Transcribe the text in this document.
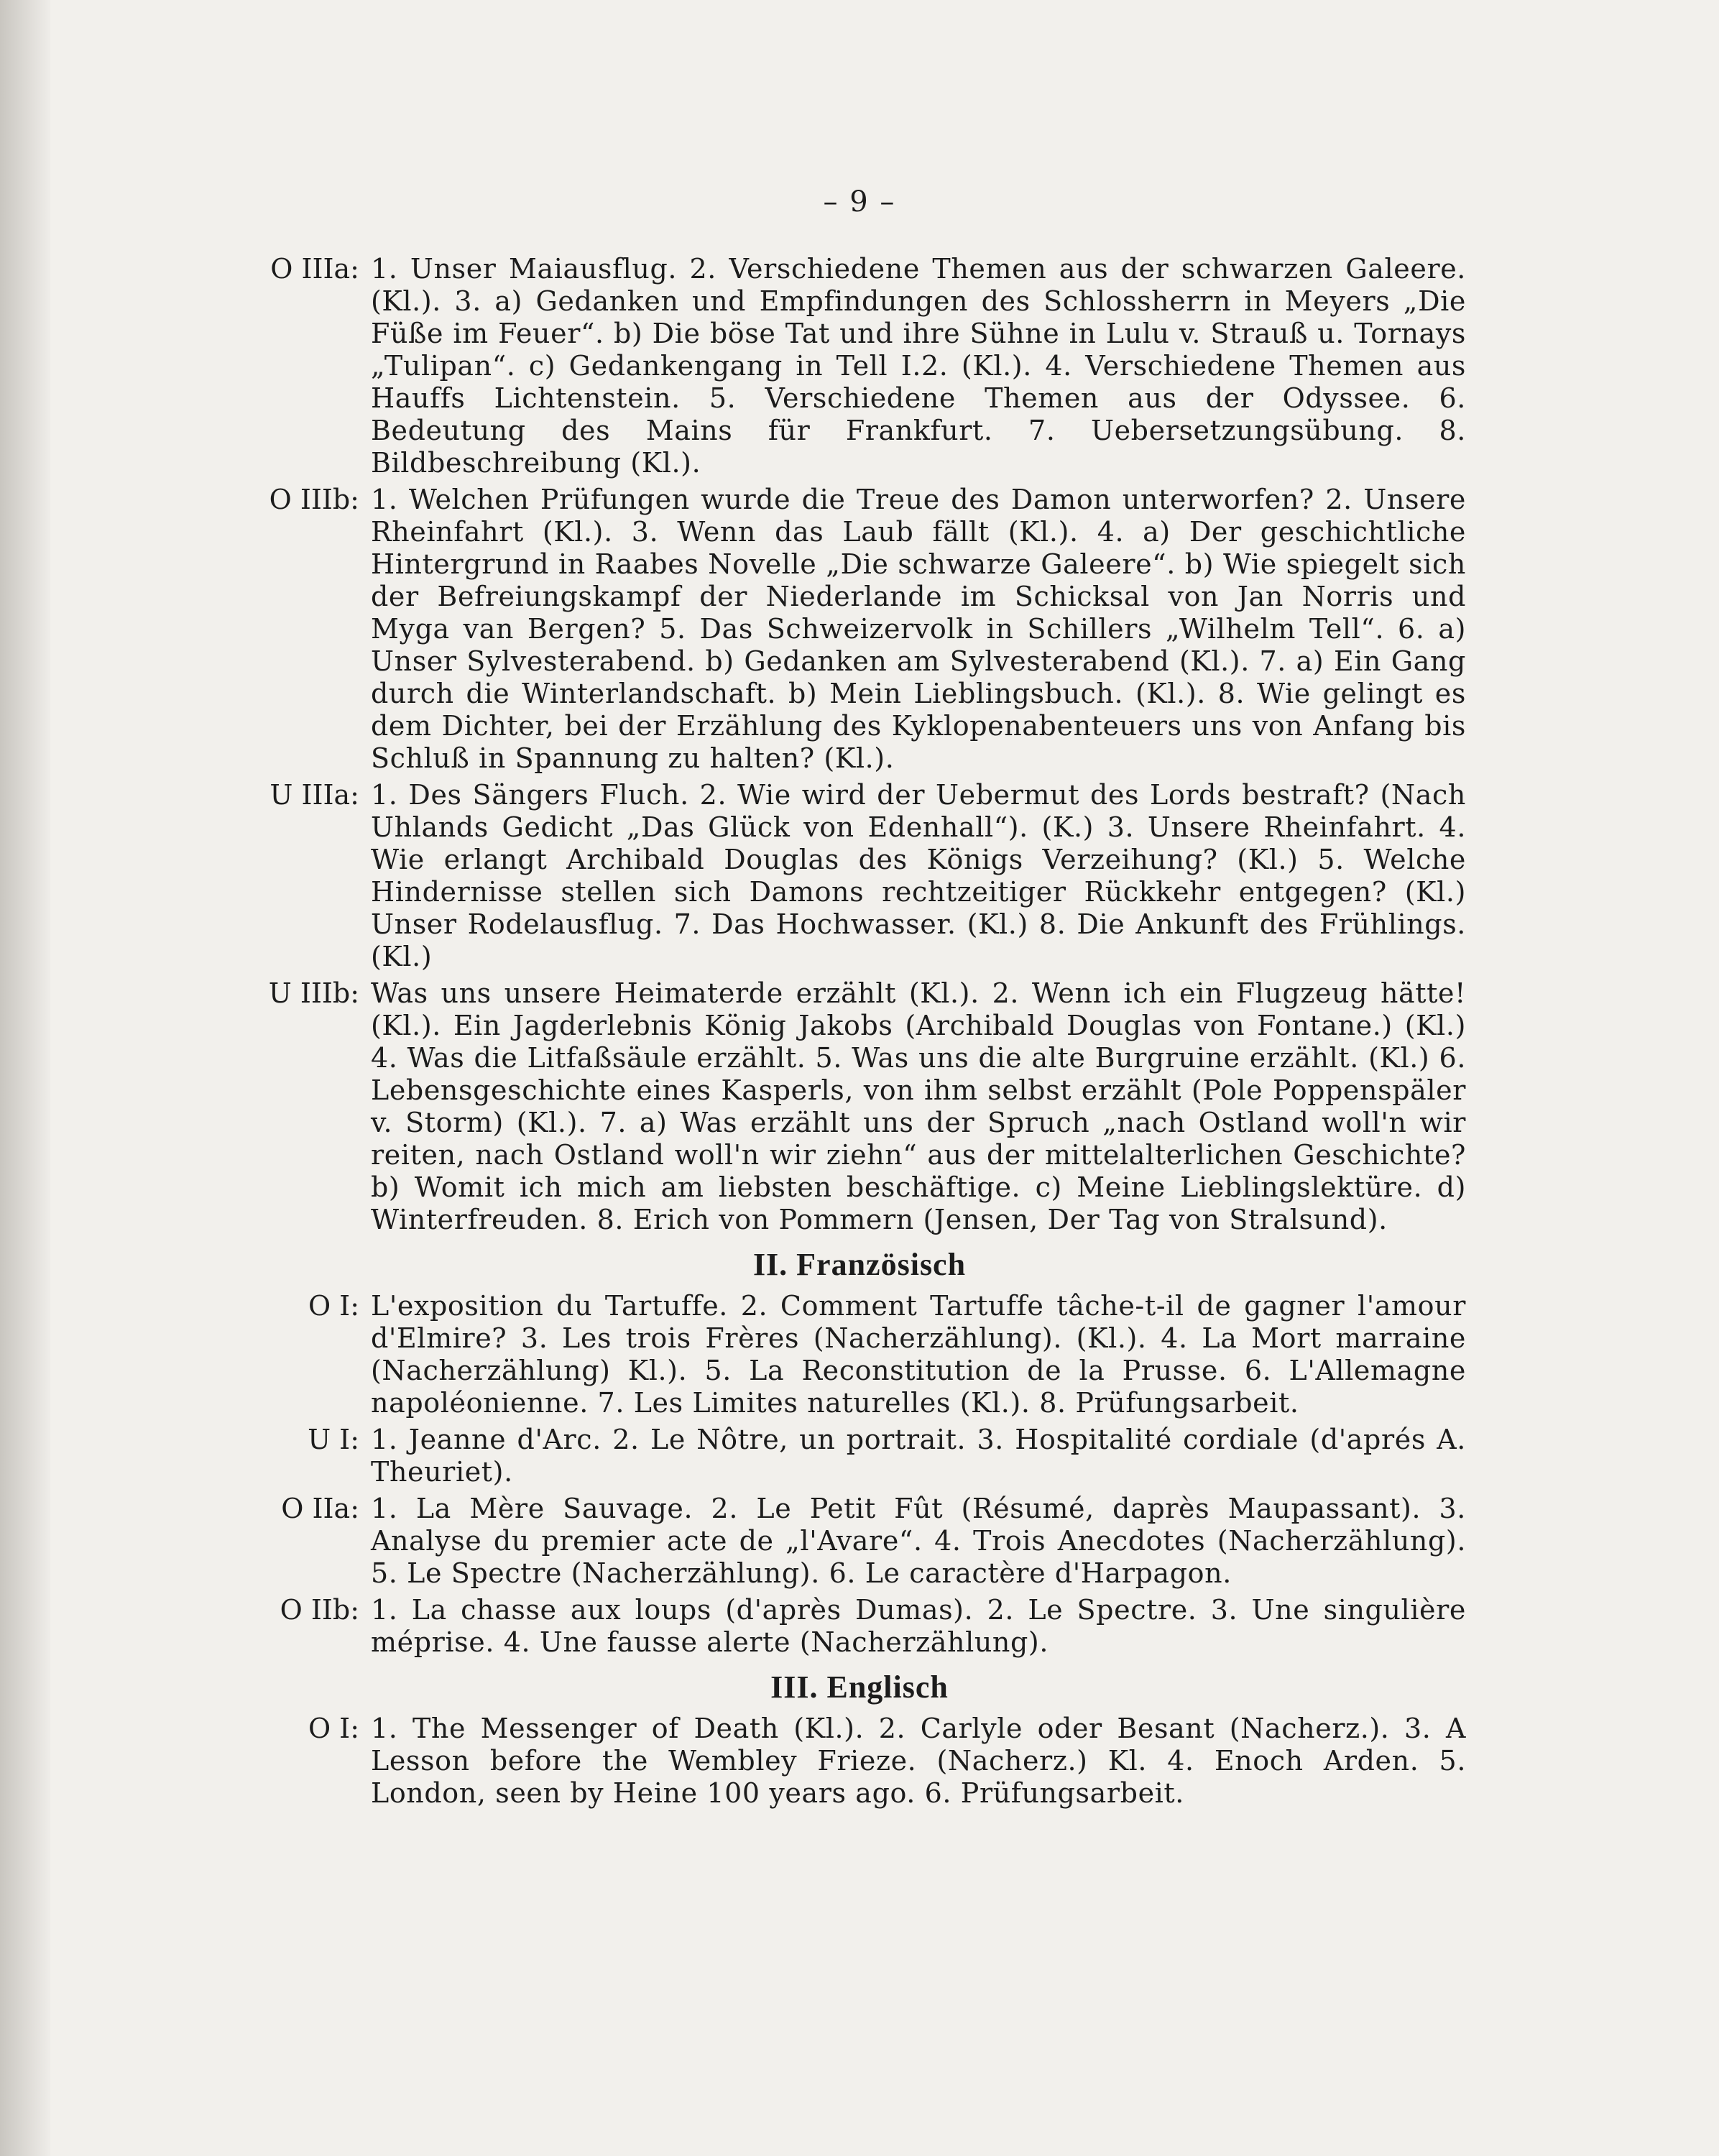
– 9 –
O IIIa: 1. Unser Maiausflug. 2. Verschiedene Themen aus der schwarzen Galeere. (Kl.). 3. a) Gedanken und Empfindungen des Schlossherrn in Meyers „Die Füße im Feuer“. b) Die böse Tat und ihre Sühne in Lulu v. Strauß u. Tornays „Tulipan“. c) Gedankengang in Tell I.2. (Kl.). 4. Verschiedene Themen aus Hauffs Lichtenstein. 5. Verschiedene Themen aus der Odyssee. 6. Bedeutung des Mains für Frankfurt. 7. Uebersetzungsübung. 8. Bildbeschreibung (Kl.).
O IIIb: 1. Welchen Prüfungen wurde die Treue des Damon unterworfen? 2. Unsere Rheinfahrt (Kl.). 3. Wenn das Laub fällt (Kl.). 4. a) Der geschichtliche Hintergrund in Raabes Novelle „Die schwarze Galeere“. b) Wie spiegelt sich der Befreiungskampf der Niederlande im Schicksal von Jan Norris und Myga van Bergen? 5. Das Schweizervolk in Schillers „Wilhelm Tell“. 6. a) Unser Sylvesterabend. b) Gedanken am Sylvesterabend (Kl.). 7. a) Ein Gang durch die Winterlandschaft. b) Mein Lieblingsbuch. (Kl.). 8. Wie gelingt es dem Dichter, bei der Erzählung des Kyklopenabenteuers uns von Anfang bis Schluß in Spannung zu halten? (Kl.).
U IIIa: 1. Des Sängers Fluch. 2. Wie wird der Uebermut des Lords bestraft? (Nach Uhlands Gedicht „Das Glück von Edenhall“). (K.) 3. Unsere Rheinfahrt. 4. Wie erlangt Archibald Douglas des Königs Verzeihung? (Kl.) 5. Welche Hindernisse stellen sich Damons rechtzeitiger Rückkehr entgegen? (Kl.) Unser Rodelausflug. 7. Das Hochwasser. (Kl.) 8. Die Ankunft des Frühlings. (Kl.)
U IIIb: Was uns unsere Heimaterde erzählt (Kl.). 2. Wenn ich ein Flugzeug hätte! (Kl.). Ein Jagderlebnis König Jakobs (Archibald Douglas von Fontane.) (Kl.) 4. Was die Litfaßsäule erzählt. 5. Was uns die alte Burgruine erzählt. (Kl.) 6. Lebensgeschichte eines Kasperls, von ihm selbst erzählt (Pole Poppenspäler v. Storm) (Kl.). 7. a) Was erzählt uns der Spruch „nach Ostland woll'n wir reiten, nach Ostland woll'n wir ziehn“ aus der mittelalterlichen Geschichte? b) Womit ich mich am liebsten beschäftige. c) Meine Lieblingslektüre. d) Winterfreuden. 8. Erich von Pommern (Jensen, Der Tag von Stralsund).
II. Französisch
O I: L'exposition du Tartuffe. 2. Comment Tartuffe tâche-t-il de gagner l'amour d'Elmire? 3. Les trois Frères (Nacherzählung). (Kl.). 4. La Mort marraine (Nacherzählung) Kl.). 5. La Reconstitution de la Prusse. 6. L'Allemagne napoléonienne. 7. Les Limites naturelles (Kl.). 8. Prüfungsarbeit.
U I: 1. Jeanne d'Arc. 2. Le Nôtre, un portrait. 3. Hospitalité cordiale (d'aprés A. Theuriet).
O IIa: 1. La Mère Sauvage. 2. Le Petit Fût (Résumé, daprès Maupassant). 3. Analyse du premier acte de „l'Avare“. 4. Trois Anecdotes (Nacherzählung). 5. Le Spectre (Nacherzählung). 6. Le caractère d'Harpagon.
O IIb: 1. La chasse aux loups (d'après Dumas). 2. Le Spectre. 3. Une singulière méprise. 4. Une fausse alerte (Nacherzählung).
III. Englisch
O I: 1. The Messenger of Death (Kl.). 2. Carlyle oder Besant (Nacherz.). 3. A Lesson before the Wembley Frieze. (Nacherz.) Kl. 4. Enoch Arden. 5. London, seen by Heine 100 years ago. 6. Prüfungsarbeit.
